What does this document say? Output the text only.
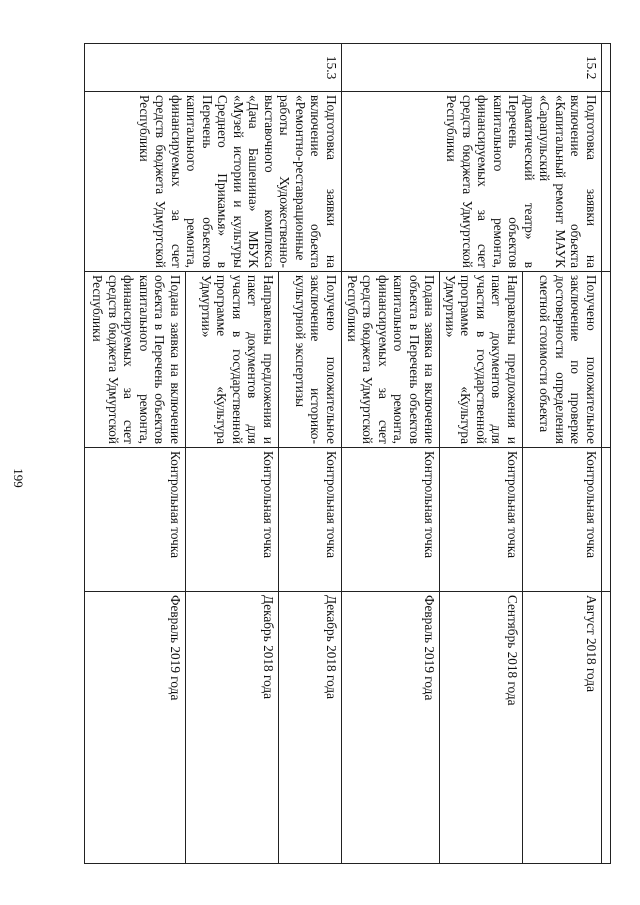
199

15.2	Подготовка заявки на включение объекта «Капитальный ремонт МАУК «Сарапульский драматический театр» в Перечень объектов капитального ремонта, финансируемых за счет средств бюджета Удмуртской Республики	Получено положительное заключение по проверке достоверности определения сметной стоимости объекта	Контрольная точка	Август 2018 года
		Направлены предложения и пакет документов для участия в государственной программе «Культура Удмуртии»	Контрольная точка	Сентябрь 2018 года
		Подана заявка на включение объекта в Перечень объектов капитального ремонта, финансируемых за счет средств бюджета Удмуртской Республики	Контрольная точка	Февраль 2019 года
15.3	Подготовка заявки на включение объекта «Ремонтно-реставрационные работы Художественно-выставочного комплекса «Дача Башенина» МБУК «Музей истории и культуры Среднего Прикамья» в Перечень объектов капитального ремонта, финансируемых за счет средств бюджета Удмуртской Республики	Получено положительное заключение историко-культурной экспертизы	Контрольная точка	Декабрь 2018 года
		Направлены предложения и пакет документов для участия в государственной программе «Культура Удмуртии»	Контрольная точка	Декабрь 2018 года
		Подана заявка на включение объекта в Перечень объектов капитального ремонта, финансируемых за счет средств бюджета Удмуртской Республики	Контрольная точка	Февраль 2019 года
